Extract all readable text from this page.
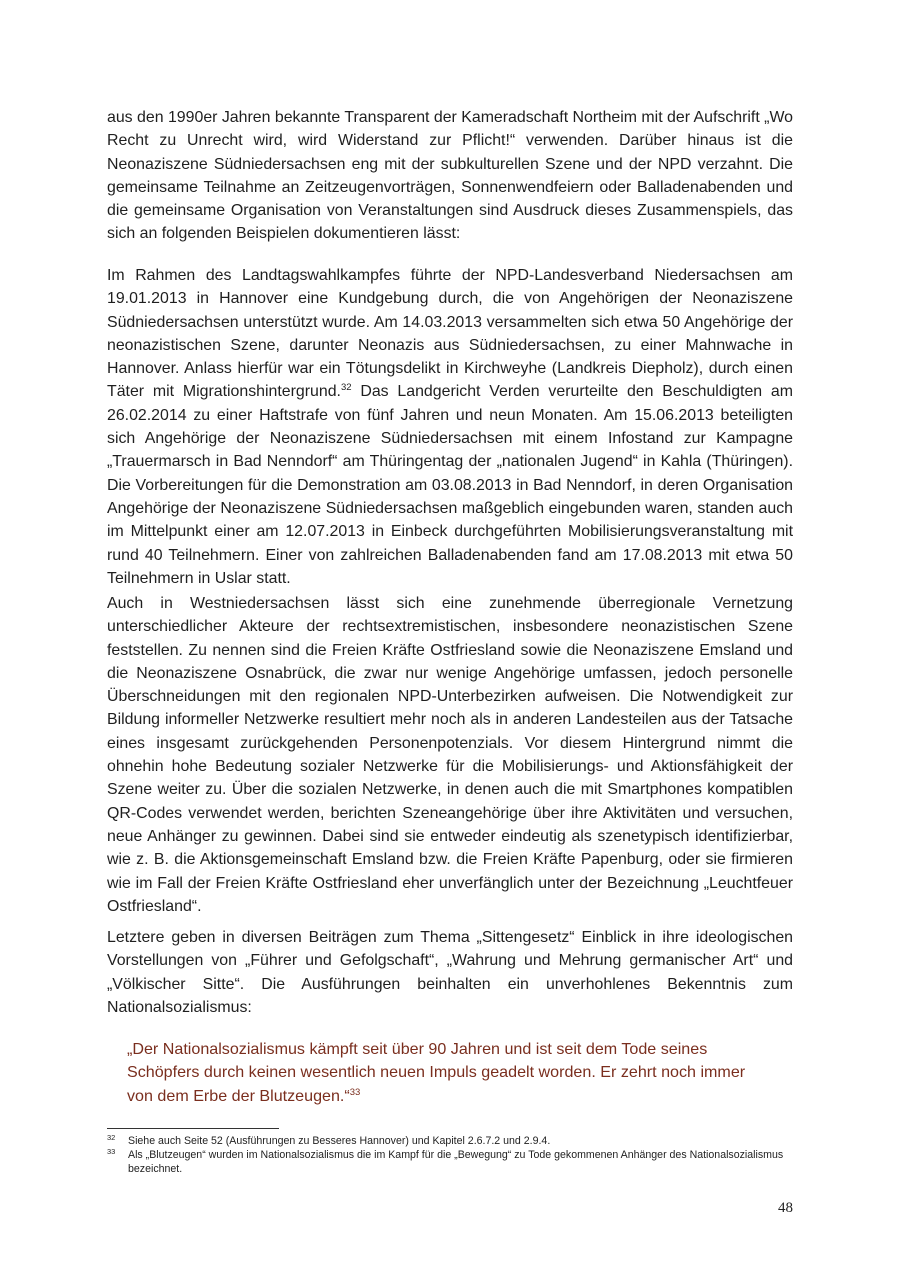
aus den 1990er Jahren bekannte Transparent der Kameradschaft Northeim mit der Aufschrift „Wo Recht zu Unrecht wird, wird Widerstand zur Pflicht!“ verwenden. Darüber hinaus ist die Neonaziszene Südniedersachsen eng mit der subkulturellen Szene und der NPD verzahnt. Die gemeinsame Teilnahme an Zeitzeugenvorträgen, Sonnenwendfeiern oder Balladenabenden und die gemeinsame Organisation von Veranstaltungen sind Ausdruck dieses Zusammenspiels, das sich an folgenden Beispielen dokumentieren lässt:

Im Rahmen des Landtagswahlkampfes führte der NPD-Landesverband Niedersachsen am 19.01.2013 in Hannover eine Kundgebung durch, die von Angehörigen der Neonaziszene Südniedersachsen unterstützt wurde. Am 14.03.2013 versammelten sich etwa 50 Angehörige der neonazistischen Szene, darunter Neonazis aus Südniedersachsen, zu einer Mahnwache in Hannover. Anlass hierfür war ein Tötungsdelikt in Kirchweyhe (Landkreis Diepholz), durch einen Täter mit Migrationshintergrund.$^{32}$ Das Landgericht Verden verurteilte den Beschuldigten am 26.02.2014 zu einer Haftstrafe von fünf Jahren und neun Monaten. Am 15.06.2013 beteiligten sich Angehörige der Neonaziszene Südniedersachsen mit einem Infostand zur Kampagne „Trauermarsch in Bad Nenndorf“ am Thüringentag der „nationalen Jugend“ in Kahla (Thüringen). Die Vorbereitungen für die Demonstration am 03.08.2013 in Bad Nenndorf, in deren Organisation Angehörige der Neonaziszene Südniedersachsen maßgeblich eingebunden waren, standen auch im Mittelpunkt einer am 12.07.2013 in Einbeck durchgeführten Mobilisierungsveranstaltung mit rund 40 Teilnehmern. Einer von zahlreichen Balladenabenden fand am 17.08.2013 mit etwa 50 Teilnehmern in Uslar statt.

Auch in Westniedersachsen lässt sich eine zunehmende überregionale Vernetzung unterschiedlicher Akteure der rechtsextremistischen, insbesondere neonazistischen Szene feststellen. Zu nennen sind die Freien Kräfte Ostfriesland sowie die Neonaziszene Emsland und die Neonaziszene Osnabrück, die zwar nur wenige Angehörige umfassen, jedoch personelle Überschneidungen mit den regionalen NPD-Unterbezirken aufweisen. Die Notwendigkeit zur Bildung informeller Netzwerke resultiert mehr noch als in anderen Landesteilen aus der Tatsache eines insgesamt zurückgehenden Personenpotenzials. Vor diesem Hintergrund nimmt die ohnehin hohe Bedeutung sozialer Netzwerke für die Mobilisierungs- und Aktionsfähigkeit der Szene weiter zu. Über die sozialen Netzwerke, in denen auch die mit Smartphones kompatiblen QR-Codes verwendet werden, berichten Szeneangehörige über ihre Aktivitäten und versuchen, neue Anhänger zu gewinnen. Dabei sind sie entweder eindeutig als szenetypisch identifizierbar, wie z. B. die Aktionsgemeinschaft Emsland bzw. die Freien Kräfte Papenburg, oder sie firmieren wie im Fall der Freien Kräfte Ostfriesland eher unverfänglich unter der Bezeichnung „Leuchtfeuer Ostfriesland“.

Letztere geben in diversen Beiträgen zum Thema „Sittengesetz“ Einblick in ihre ideologischen Vorstellungen von „Führer und Gefolgschaft“, „Wahrung und Mehrung germanischer Art“ und „Völkischer Sitte“. Die Ausführungen beinhalten ein unverhohlenes Bekenntnis zum Nationalsozialismus:

„Der Nationalsozialismus kämpft seit über 90 Jahren und ist seit dem Tode seines Schöpfers durch keinen wesentlich neuen Impuls geadelt worden. Er zehrt noch immer von dem Erbe der Blutzeugen.“$^{33}$

32 Siehe auch Seite 52 (Ausführungen zu Besseres Hannover) und Kapitel 2.6.7.2 und 2.9.4.

33 Als „Blutzeugen“ wurden im Nationalsozialismus die im Kampf für die „Bewegung“ zu Tode gekommenen Anhänger des Nationalsozialismus bezeichnet.

48
